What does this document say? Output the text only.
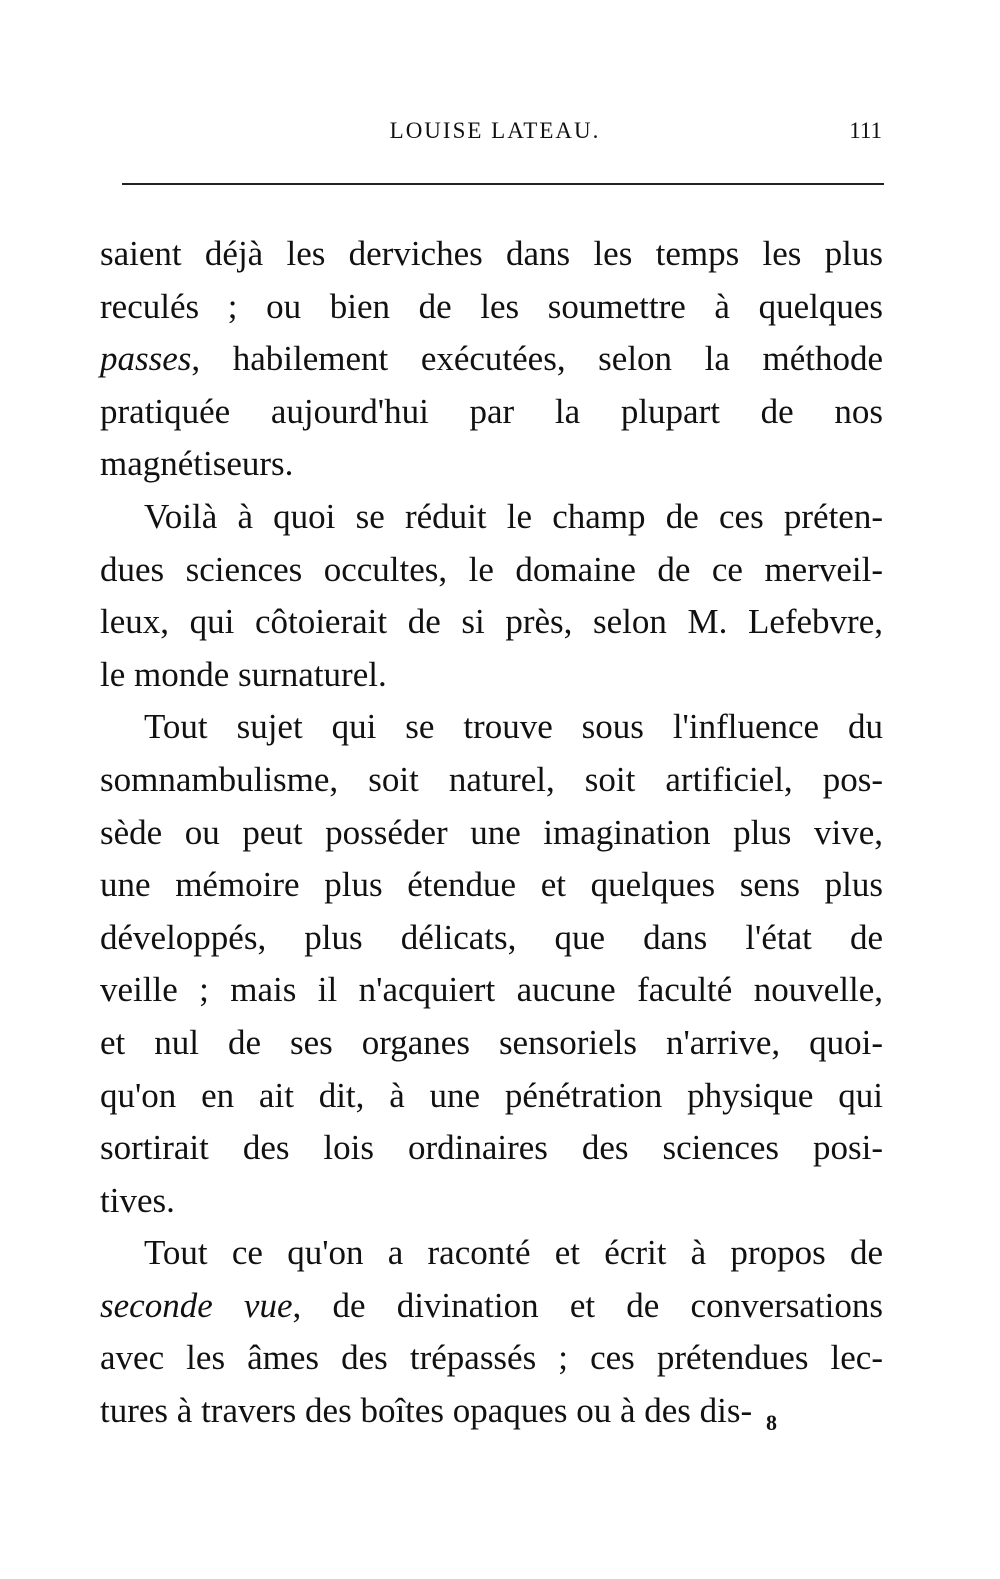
LOUISE LATEAU.	111
saient déjà les derviches dans les temps les plus
reculés ; ou bien de les soumettre à quelques
passes, habilement exécutées, selon la méthode
pratiquée aujourd'hui par la plupart de nos
magnétiseurs.
Voilà à quoi se réduit le champ de ces préten-
dues sciences occultes, le domaine de ce merveil-
leux, qui côtoierait de si près, selon M. Lefebvre,
le monde surnaturel.
Tout sujet qui se trouve sous l'influence du
somnambulisme, soit naturel, soit artificiel, pos-
sède ou peut posséder une imagination plus vive,
une mémoire plus étendue et quelques sens plus
développés, plus délicats, que dans l'état de
veille ; mais il n'acquiert aucune faculté nouvelle,
et nul de ses organes sensoriels n'arrive, quoi-
qu'on en ait dit, à une pénétration physique qui
sortirait des lois ordinaires des sciences posi-
tives.
Tout ce qu'on a raconté et écrit à propos de
seconde vue, de divination et de conversations
avec les âmes des trépassés ; ces prétendues lec-
tures à travers des boîtes opaques ou à des dis- 8
